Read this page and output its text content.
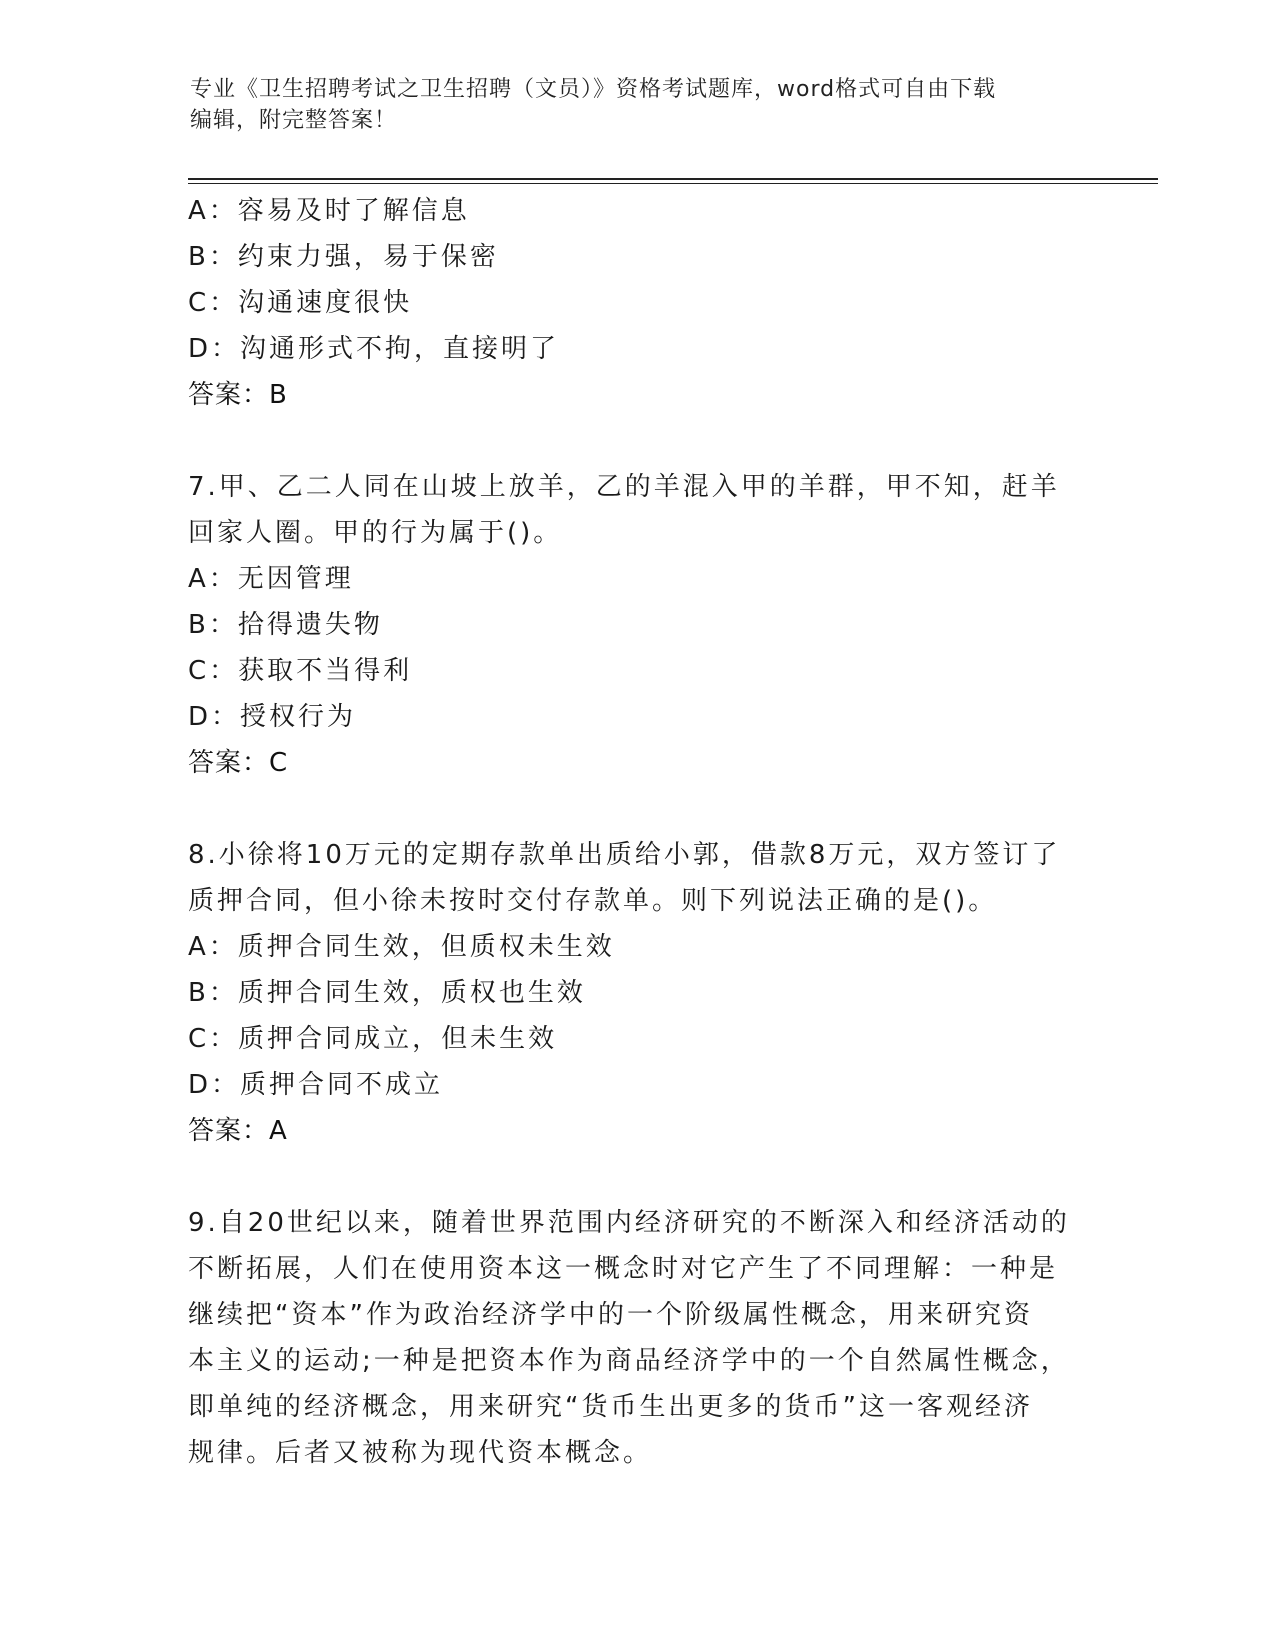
专业《卫生招聘考试之卫生招聘（文员）》资格考试题库，word格式可自由下载
编辑，附完整答案！
A：容易及时了解信息
B：约束力强，易于保密
C：沟通速度很快
D：沟通形式不拘，直接明了
答案：B
7.甲、乙二人同在山坡上放羊，乙的羊混入甲的羊群，甲不知，赶羊
回家人圈。甲的行为属于()。
A：无因管理
B：拾得遗失物
C：获取不当得利
D：授权行为
答案：C
8.小徐将10万元的定期存款单出质给小郭，借款8万元，双方签订了
质押合同，但小徐未按时交付存款单。则下列说法正确的是()。
A：质押合同生效，但质权未生效
B：质押合同生效，质权也生效
C：质押合同成立，但未生效
D：质押合同不成立
答案：A
9.自20世纪以来，随着世界范围内经济研究的不断深入和经济活动的
不断拓展，人们在使用资本这一概念时对它产生了不同理解：一种是
继续把“资本”作为政治经济学中的一个阶级属性概念，用来研究资
本主义的运动;一种是把资本作为商品经济学中的一个自然属性概念，
即单纯的经济概念，用来研究“货币生出更多的货币”这一客观经济
规律。后者又被称为现代资本概念。
